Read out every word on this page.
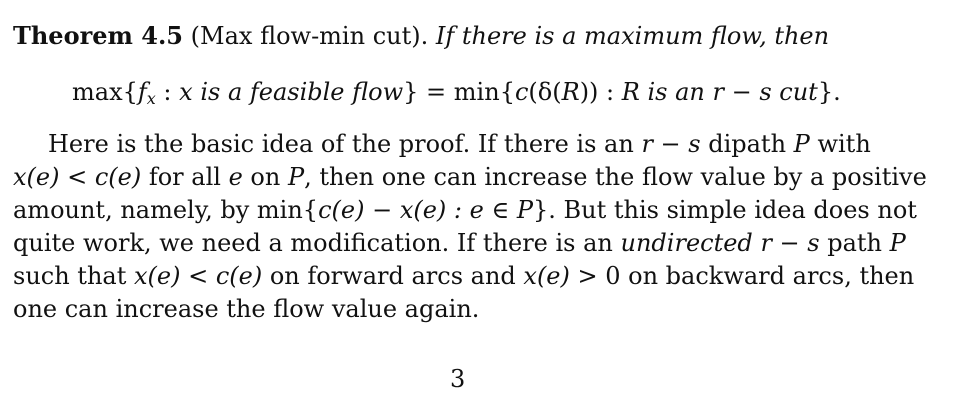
Theorem 4.5 (Max flow-min cut). If there is a maximum flow, then
$\max\{f_x$ : x is a feasible flow} = min{c(δ(R)) : R is an r − s cut}.
Here is the basic idea of the proof. If there is an r − s dipath P with
x(e) < c(e) for all e on P, then one can increase the flow value by a positive
amount, namely, by min{c(e) − x(e) : e ∈ P}. But this simple idea does not
quite work, we need a modification. If there is an undirected r − s path P
such that x(e) < c(e) on forward arcs and x(e) > 0 on backward arcs, then
one can increase the flow value again.
3
